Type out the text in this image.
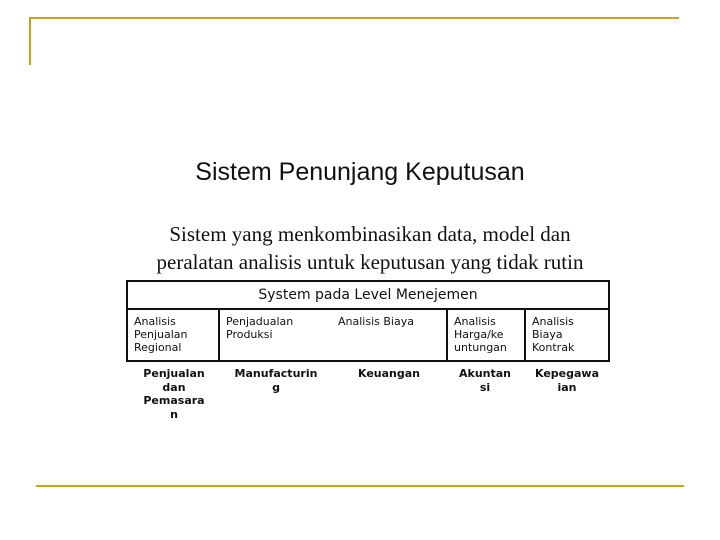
Sistem Penunjang Keputusan
Sistem yang menkombinasikan data, model dan
peralatan analisis untuk keputusan yang tidak rutin
System pada Level Menejemen
Analisis
Penjualan
Regional
Penjadualan
Produksi
Analisis Biaya	Analisis
Harga/ke
untungan
Analisis
Biaya
Kontrak
Penjualan
dan
Pemasara
n
Manufacturin
g
Keuangan	Akuntan
si
Kepegawa
ian
